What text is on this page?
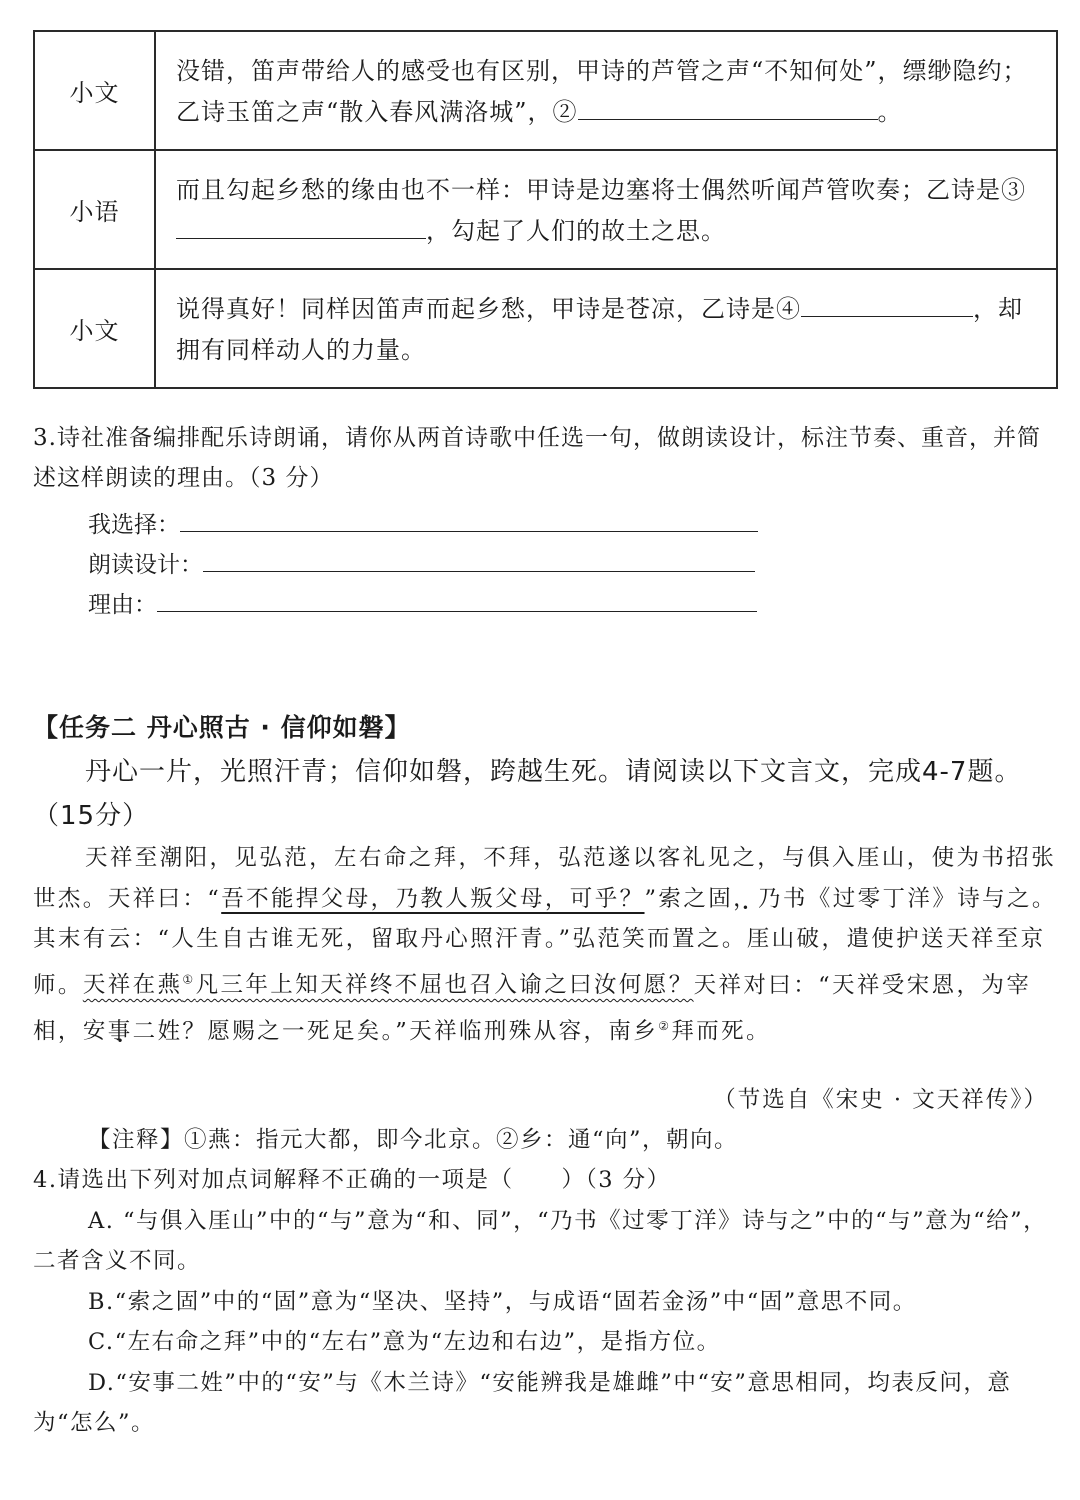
小文	没错，笛声带给人的感受也有区别，甲诗的芦管之声“不知何处”，缥缈隐约；乙诗玉笛之声“散入春风满洛城”，② 。
小语	而且勾起乡愁的缘由也不一样：甲诗是边塞将士偶然听闻芦管吹奏；乙诗是③，勾起了人们的故土之思。
小文	说得真好！同样因笛声而起乡愁，甲诗是苍凉，乙诗是④ ，却拥有同样动人的力量。
3.诗社准备编排配乐诗朗诵，请你从两首诗歌中任选一句，做朗读设计，标注节奏、重音，并简述这样朗读的理由。（3 分）
我选择：
朗读设计：
理由：
【任务二 丹心照古 · 信仰如磐】
丹心一片，光照汗青；信仰如磐，跨越生死。请阅读以下文言文，完成4-7题。（15分）
天祥至潮阳，见弘范，左右命之拜，不拜，弘范遂以客礼见之，与俱入厓山，使为书招张世杰。天祥曰：“吾不能捍父母，乃教人叛父母，可乎？”索之固，乃书《过零丁洋》诗与之。其末有云：“人生自古谁无死，留取丹心照汗青。”弘范笑而置之。厓山破，遣使护送天祥至京师。天祥在燕①凡三年上知天祥终不屈也召入谕之曰汝何愿？天祥对曰：“天祥受宋恩，为宰相，安事二姓？愿赐之一死足矣。”天祥临刑殊从容，南乡②拜而死。
（节选自《宋史 · 文天祥传》）
【注释】①燕：指元大都，即今北京。②乡：通“向”，朝向。
4.请选出下列对加点词解释不正确的一项是（　　）（3 分）
A. “与俱入厓山”中的“与”意为“和、同”，“乃书《过零丁洋》诗与之”中的“与”意为“给”，二者含义不同。
B.“索之固”中的“固”意为“坚决、坚持”，与成语“固若金汤”中“固”意思不同。
C.“左右命之拜”中的“左右”意为“左边和右边”，是指方位。
D.“安事二姓”中的“安”与《木兰诗》“安能辨我是雄雌”中“安”意思相同，均表反问，意为“怎么”。
